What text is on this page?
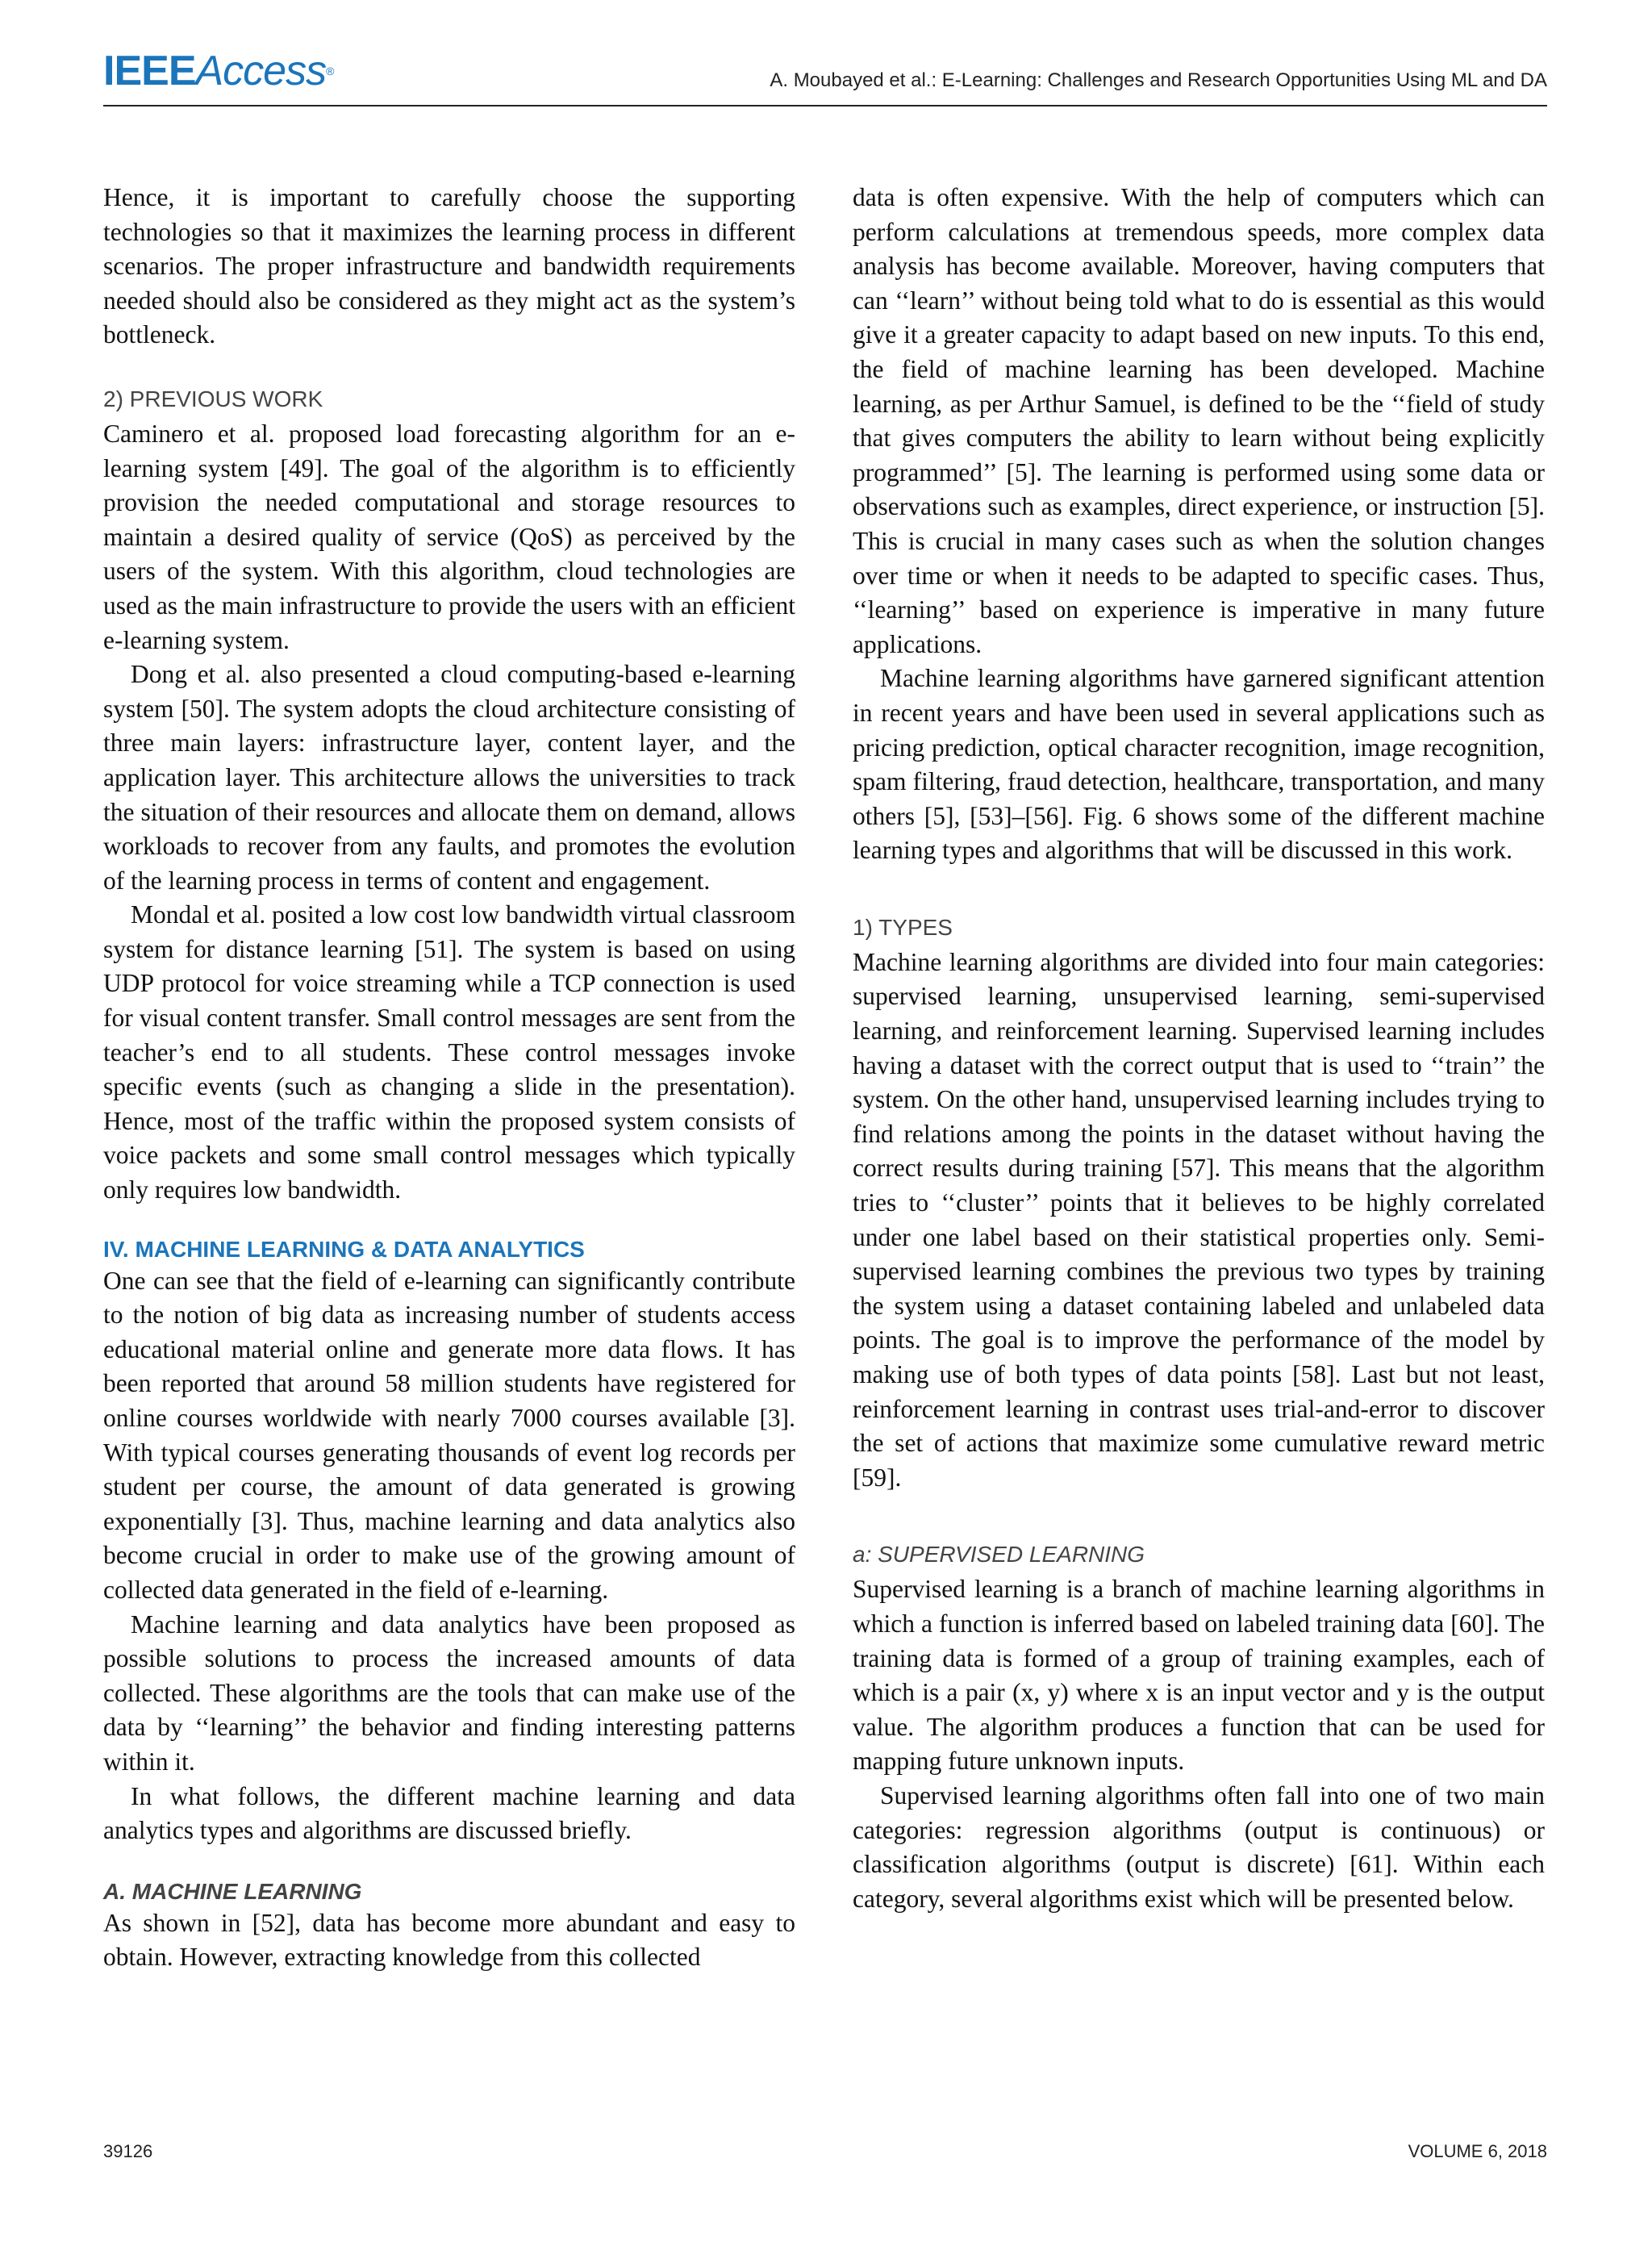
IEEEAccess®	A. Moubayed et al.: E-Learning: Challenges and Research Opportunities Using ML and DA

Hence, it is important to carefully choose the supporting technologies so that it maximizes the learning process in different scenarios. The proper infrastructure and bandwidth requirements needed should also be considered as they might act as the system’s bottleneck.

2) PREVIOUS WORK

Caminero et al. proposed load forecasting algorithm for an e-learning system [49]. The goal of the algorithm is to efficiently provision the needed computational and storage resources to maintain a desired quality of service (QoS) as perceived by the users of the system. With this algorithm, cloud technologies are used as the main infrastructure to provide the users with an efficient e-learning system.

Dong et al. also presented a cloud computing-based e-learning system [50]. The system adopts the cloud architecture consisting of three main layers: infrastructure layer, content layer, and the application layer. This architecture allows the universities to track the situation of their resources and allocate them on demand, allows workloads to recover from any faults, and promotes the evolution of the learning process in terms of content and engagement.

Mondal et al. posited a low cost low bandwidth virtual classroom system for distance learning [51]. The system is based on using UDP protocol for voice streaming while a TCP connection is used for visual content transfer. Small control messages are sent from the teacher’s end to all students. These control messages invoke specific events (such as changing a slide in the presentation). Hence, most of the traffic within the proposed system consists of voice packets and some small control messages which typically only requires low bandwidth.

IV. MACHINE LEARNING & DATA ANALYTICS

One can see that the field of e-learning can significantly contribute to the notion of big data as increasing number of students access educational material online and generate more data flows. It has been reported that around 58 million students have registered for online courses worldwide with nearly 7000 courses available [3]. With typical courses generating thousands of event log records per student per course, the amount of data generated is growing exponentially [3]. Thus, machine learning and data analytics also become crucial in order to make use of the growing amount of collected data generated in the field of e-learning.

Machine learning and data analytics have been proposed as possible solutions to process the increased amounts of data collected. These algorithms are the tools that can make use of the data by ‘‘learning’’ the behavior and finding interesting patterns within it.

In what follows, the different machine learning and data analytics types and algorithms are discussed briefly.

A. MACHINE LEARNING

As shown in [52], data has become more abundant and easy to obtain. However, extracting knowledge from this collected

data is often expensive. With the help of computers which can perform calculations at tremendous speeds, more complex data analysis has become available. Moreover, having computers that can ‘‘learn’’ without being told what to do is essential as this would give it a greater capacity to adapt based on new inputs. To this end, the field of machine learning has been developed. Machine learning, as per Arthur Samuel, is defined to be the ‘‘field of study that gives computers the ability to learn without being explicitly programmed’’ [5]. The learning is performed using some data or observations such as examples, direct experience, or instruction [5]. This is crucial in many cases such as when the solution changes over time or when it needs to be adapted to specific cases. Thus, ‘‘learning’’ based on experience is imperative in many future applications.

Machine learning algorithms have garnered significant attention in recent years and have been used in several applications such as pricing prediction, optical character recognition, image recognition, spam filtering, fraud detection, healthcare, transportation, and many others [5], [53]–[56]. Fig. 6 shows some of the different machine learning types and algorithms that will be discussed in this work.

1) TYPES

Machine learning algorithms are divided into four main categories: supervised learning, unsupervised learning, semi-supervised learning, and reinforcement learning. Supervised learning includes having a dataset with the correct output that is used to ‘‘train’’ the system. On the other hand, unsupervised learning includes trying to find relations among the points in the dataset without having the correct results during training [57]. This means that the algorithm tries to ‘‘cluster’’ points that it believes to be highly correlated under one label based on their statistical properties only. Semi-supervised learning combines the previous two types by training the system using a dataset containing labeled and unlabeled data points. The goal is to improve the performance of the model by making use of both types of data points [58]. Last but not least, reinforcement learning in contrast uses trial-and-error to discover the set of actions that maximize some cumulative reward metric [59].

a: SUPERVISED LEARNING

Supervised learning is a branch of machine learning algorithms in which a function is inferred based on labeled training data [60]. The training data is formed of a group of training examples, each of which is a pair (x, y) where x is an input vector and y is the output value. The algorithm produces a function that can be used for mapping future unknown inputs.

Supervised learning algorithms often fall into one of two main categories: regression algorithms (output is continuous) or classification algorithms (output is discrete) [61]. Within each category, several algorithms exist which will be presented below.

39126	VOLUME 6, 2018
